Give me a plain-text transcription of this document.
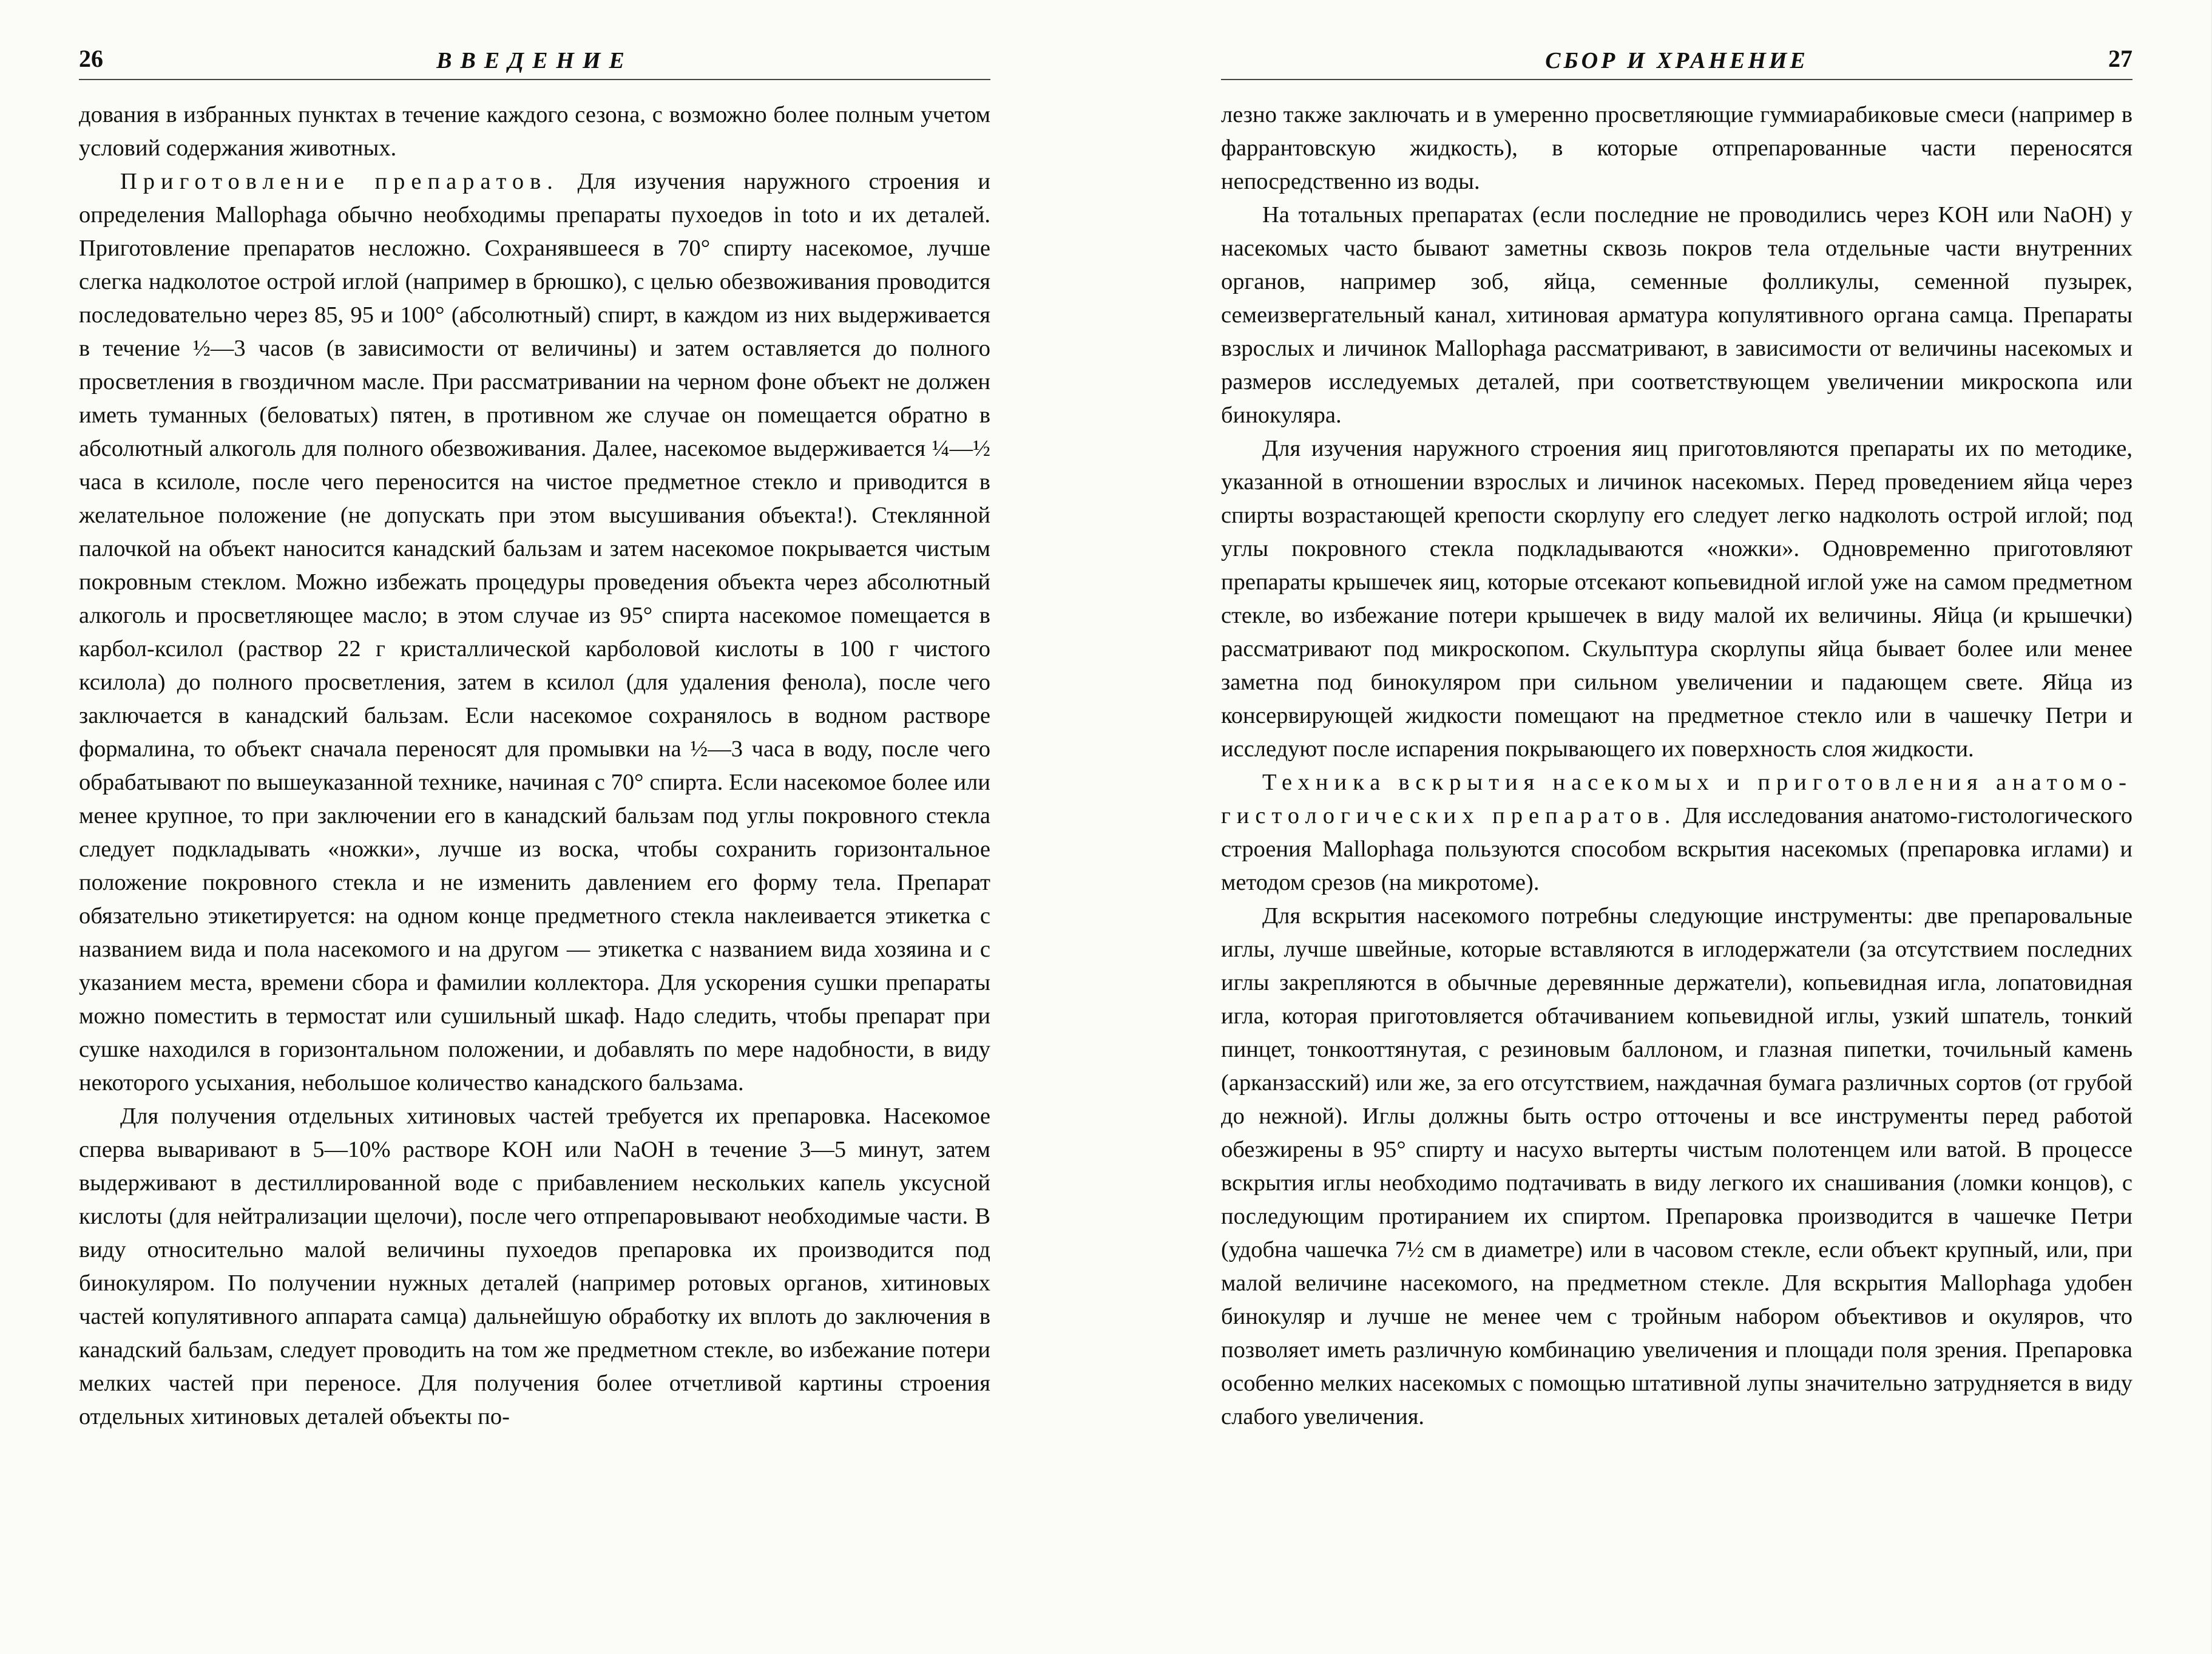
26	ВВЕДЕНИЕ

дования в избранных пунктах в течение каждого сезона, с возможно более полным учетом условий содержания животных.

Приготовление препаратов. Для изучения наружного строения и определения Mallophaga обычно необходимы препараты пухоедов in toto и их деталей. Приготовление препаратов несложно. Сохранявшееся в 70° спирту насекомое, лучше слегка надколотое острой иглой (например в брюшко), с целью обезвоживания проводится последовательно через 85, 95 и 100° (абсолютный) спирт, в каждом из них выдерживается в течение ½—3 часов (в зависимости от величины) и затем оставляется до полного просветления в гвоздичном масле. При рассматривании на черном фоне объект не должен иметь туманных (беловатых) пятен, в противном же случае он помещается обратно в абсолютный алкоголь для полного обезвоживания. Далее, насекомое выдерживается ¼—½ часа в ксилоле, после чего переносится на чистое предметное стекло и приводится в желательное положение (не допускать при этом высушивания объекта!). Стеклянной палочкой на объект наносится канадский бальзам и затем насекомое покрывается чистым покровным стеклом. Можно избежать процедуры проведения объекта через абсолютный алкоголь и просветляющее масло; в этом случае из 95° спирта насекомое помещается в карбол-ксилол (раствор 22 г кристаллической карболовой кислоты в 100 г чистого ксилола) до полного просветления, затем в ксилол (для удаления фенола), после чего заключается в канадский бальзам. Если насекомое сохранялось в водном растворе формалина, то объект сначала переносят для промывки на ½—3 часа в воду, после чего обрабатывают по вышеуказанной технике, начиная с 70° спирта. Если насекомое более или менее крупное, то при заключении его в канадский бальзам под углы покровного стекла следует подкладывать «ножки», лучше из воска, чтобы сохранить горизонтальное положение покровного стекла и не изменить давлением его форму тела. Препарат обязательно этикетируется: на одном конце предметного стекла наклеивается этикетка с названием вида и пола насекомого и на другом — этикетка с названием вида хозяина и с указанием места, времени сбора и фамилии коллектора. Для ускорения сушки препараты можно поместить в термостат или сушильный шкаф. Надо следить, чтобы препарат при сушке находился в горизонтальном положении, и добавлять по мере надобности, в виду некоторого усыхания, небольшое количество канадского бальзама.

Для получения отдельных хитиновых частей требуется их препаровка. Насекомое сперва вываривают в 5—10% растворе KOH или NaOH в течение 3—5 минут, затем выдерживают в дестиллированной воде с прибавлением нескольких капель уксусной кислоты (для нейтрализации щелочи), после чего отпрепаровывают необходимые части. В виду относительно малой величины пухоедов препаровка их производится под бинокуляром. По получении нужных деталей (например ротовых органов, хитиновых частей копулятивного аппарата самца) дальнейшую обработку их вплоть до заключения в канадский бальзам, следует проводить на том же предметном стекле, во избежание потери мелких частей при переносе. Для получения более отчетливой картины строения отдельных хитиновых деталей объекты по-

СБОР И ХРАНЕНИЕ	27

лезно также заключать и в умеренно просветляющие гуммиарабиковые смеси (например в фаррантовскую жидкость), в которые отпрепарованные части переносятся непосредственно из воды.

На тотальных препаратах (если последние не проводились через KOH или NaOH) у насекомых часто бывают заметны сквозь покров тела отдельные части внутренних органов, например зоб, яйца, семенные фолликулы, семенной пузырек, семеизвергательный канал, хитиновая арматура копулятивного органа самца. Препараты взрослых и личинок Mallophaga рассматривают, в зависимости от величины насекомых и размеров исследуемых деталей, при соответствующем увеличении микроскопа или бинокуляра.

Для изучения наружного строения яиц приготовляются препараты их по методике, указанной в отношении взрослых и личинок насекомых. Перед проведением яйца через спирты возрастающей крепости скорлупу его следует легко надколоть острой иглой; под углы покровного стекла подкладываются «ножки». Одновременно приготовляют препараты крышечек яиц, которые отсекают копьевидной иглой уже на самом предметном стекле, во избежание потери крышечек в виду малой их величины. Яйца (и крышечки) рассматривают под микроскопом. Скульптура скорлупы яйца бывает более или менее заметна под бинокуляром при сильном увеличении и падающем свете. Яйца из консервирующей жидкости помещают на предметное стекло или в чашечку Петри и исследуют после испарения покрывающего их поверхность слоя жидкости.

Техника вскрытия насекомых и приготовления анатомо-гистологических препаратов. Для исследования анатомо-гистологического строения Mallophaga пользуются способом вскрытия насекомых (препаровка иглами) и методом срезов (на микротоме).

Для вскрытия насекомого потребны следующие инструменты: две препаровальные иглы, лучше швейные, которые вставляются в иглодержатели (за отсутствием последних иглы закрепляются в обычные деревянные держатели), копьевидная игла, лопатовидная игла, которая приготовляется обтачиванием копьевидной иглы, узкий шпатель, тонкий пинцет, тонкооттянутая, с резиновым баллоном, и глазная пипетки, точильный камень (арканзасский) или же, за его отсутствием, наждачная бумага различных сортов (от грубой до нежной). Иглы должны быть остро отточены и все инструменты перед работой обезжирены в 95° спирту и насухо вытерты чистым полотенцем или ватой. В процессе вскрытия иглы необходимо подтачивать в виду легкого их снашивания (ломки концов), с последующим протиранием их спиртом. Препаровка производится в чашечке Петри (удобна чашечка 7½ см в диаметре) или в часовом стекле, если объект крупный, или, при малой величине насекомого, на предметном стекле. Для вскрытия Mallophaga удобен бинокуляр и лучше не менее чем с тройным набором объективов и окуляров, что позволяет иметь различную комбинацию увеличения и площади поля зрения. Препаровка особенно мелких насекомых с помощью штативной лупы значительно затрудняется в виду слабого увеличения.
